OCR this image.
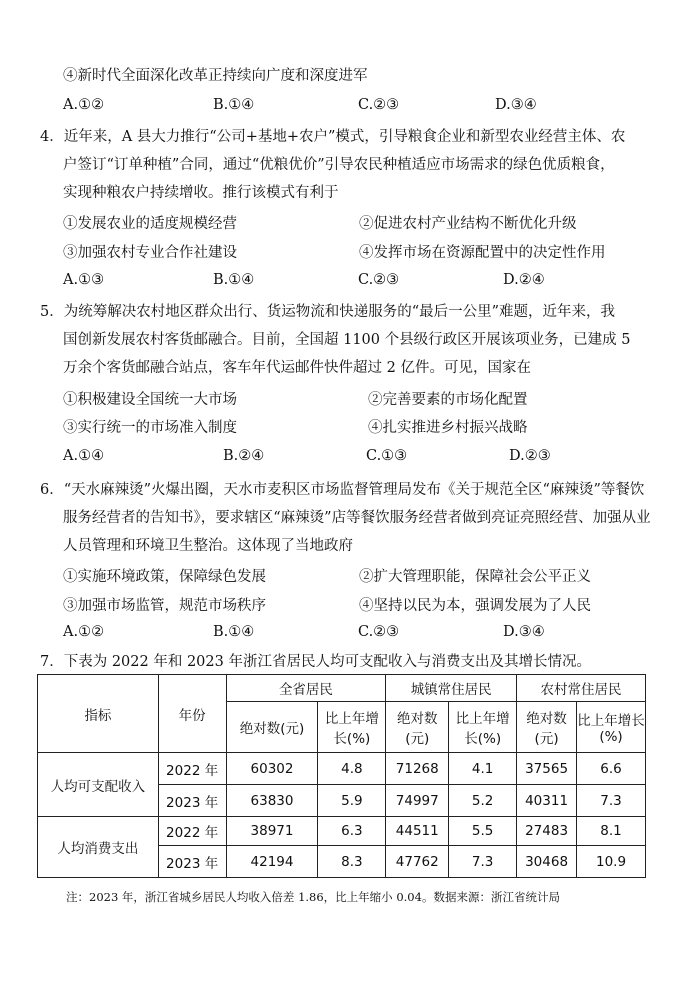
④新时代全面深化改革正持续向广度和深度进军
A.①②	B.①④	C.②③	D.③④
4．近年来，A 县大力推行“公司+基地+农户”模式，引导粮食企业和新型农业经营主体、农
户签订“订单种植”合同，通过“优粮优价”引导农民种植适应市场需求的绿色优质粮食，
实现种粮农户持续增收。推行该模式有利于
①发展农业的适度规模经营	②促进农村产业结构不断优化升级
③加强农村专业合作社建设	④发挥市场在资源配置中的决定性作用
A.①③	B.①④	C.②③	D.②④
5．为统筹解决农村地区群众出行、货运物流和快递服务的“最后一公里”难题，近年来，我
国创新发展农村客货邮融合。目前，全国超 1100 个县级行政区开展该项业务，已建成 5
万余个客货邮融合站点，客车年代运邮件快件超过 2 亿件。可见，国家在
①积极建设全国统一大市场	②完善要素的市场化配置
③实行统一的市场准入制度	④扎实推进乡村振兴战略
A.①④	B.②④	C.①③	D.②③
6．“天水麻辣烫”火爆出圈，天水市麦积区市场监督管理局发布《关于规范全区“麻辣烫”等餐饮
服务经营者的告知书》，要求辖区“麻辣烫”店等餐饮服务经营者做到亮证亮照经营、加强从业
人员管理和环境卫生整治。这体现了当地政府
①实施环境政策，保障绿色发展	②扩大管理职能，保障社会公平正义
③加强市场监管，规范市场秩序	④坚持以民为本，强调发展为了人民
A.①②	B.①④	C.②③	D.③④
7．下表为 2022 年和 2023 年浙江省居民人均可支配收入与消费支出及其增长情况。
指标	年份	全省居民		城镇常住居民		农村常住居民	
		绝对数(元)	比上年增长(%)	绝对数(元)	比上年增长(%)	绝对数(元)	比上年增长(%)
人均可支配收入	2022 年	60302	4.8	71268	4.1	37565	6.6
	2023 年	63830	5.9	74997	5.2	40311	7.3
人均消费支出	2022 年	38971	6.3	44511	5.5	27483	8.1
	2023 年	42194	8.3	47762	7.3	30468	10.9
注：2023 年，浙江省城乡居民人均收入倍差 1.86，比上年缩小 0.04。数据来源：浙江省统计局
